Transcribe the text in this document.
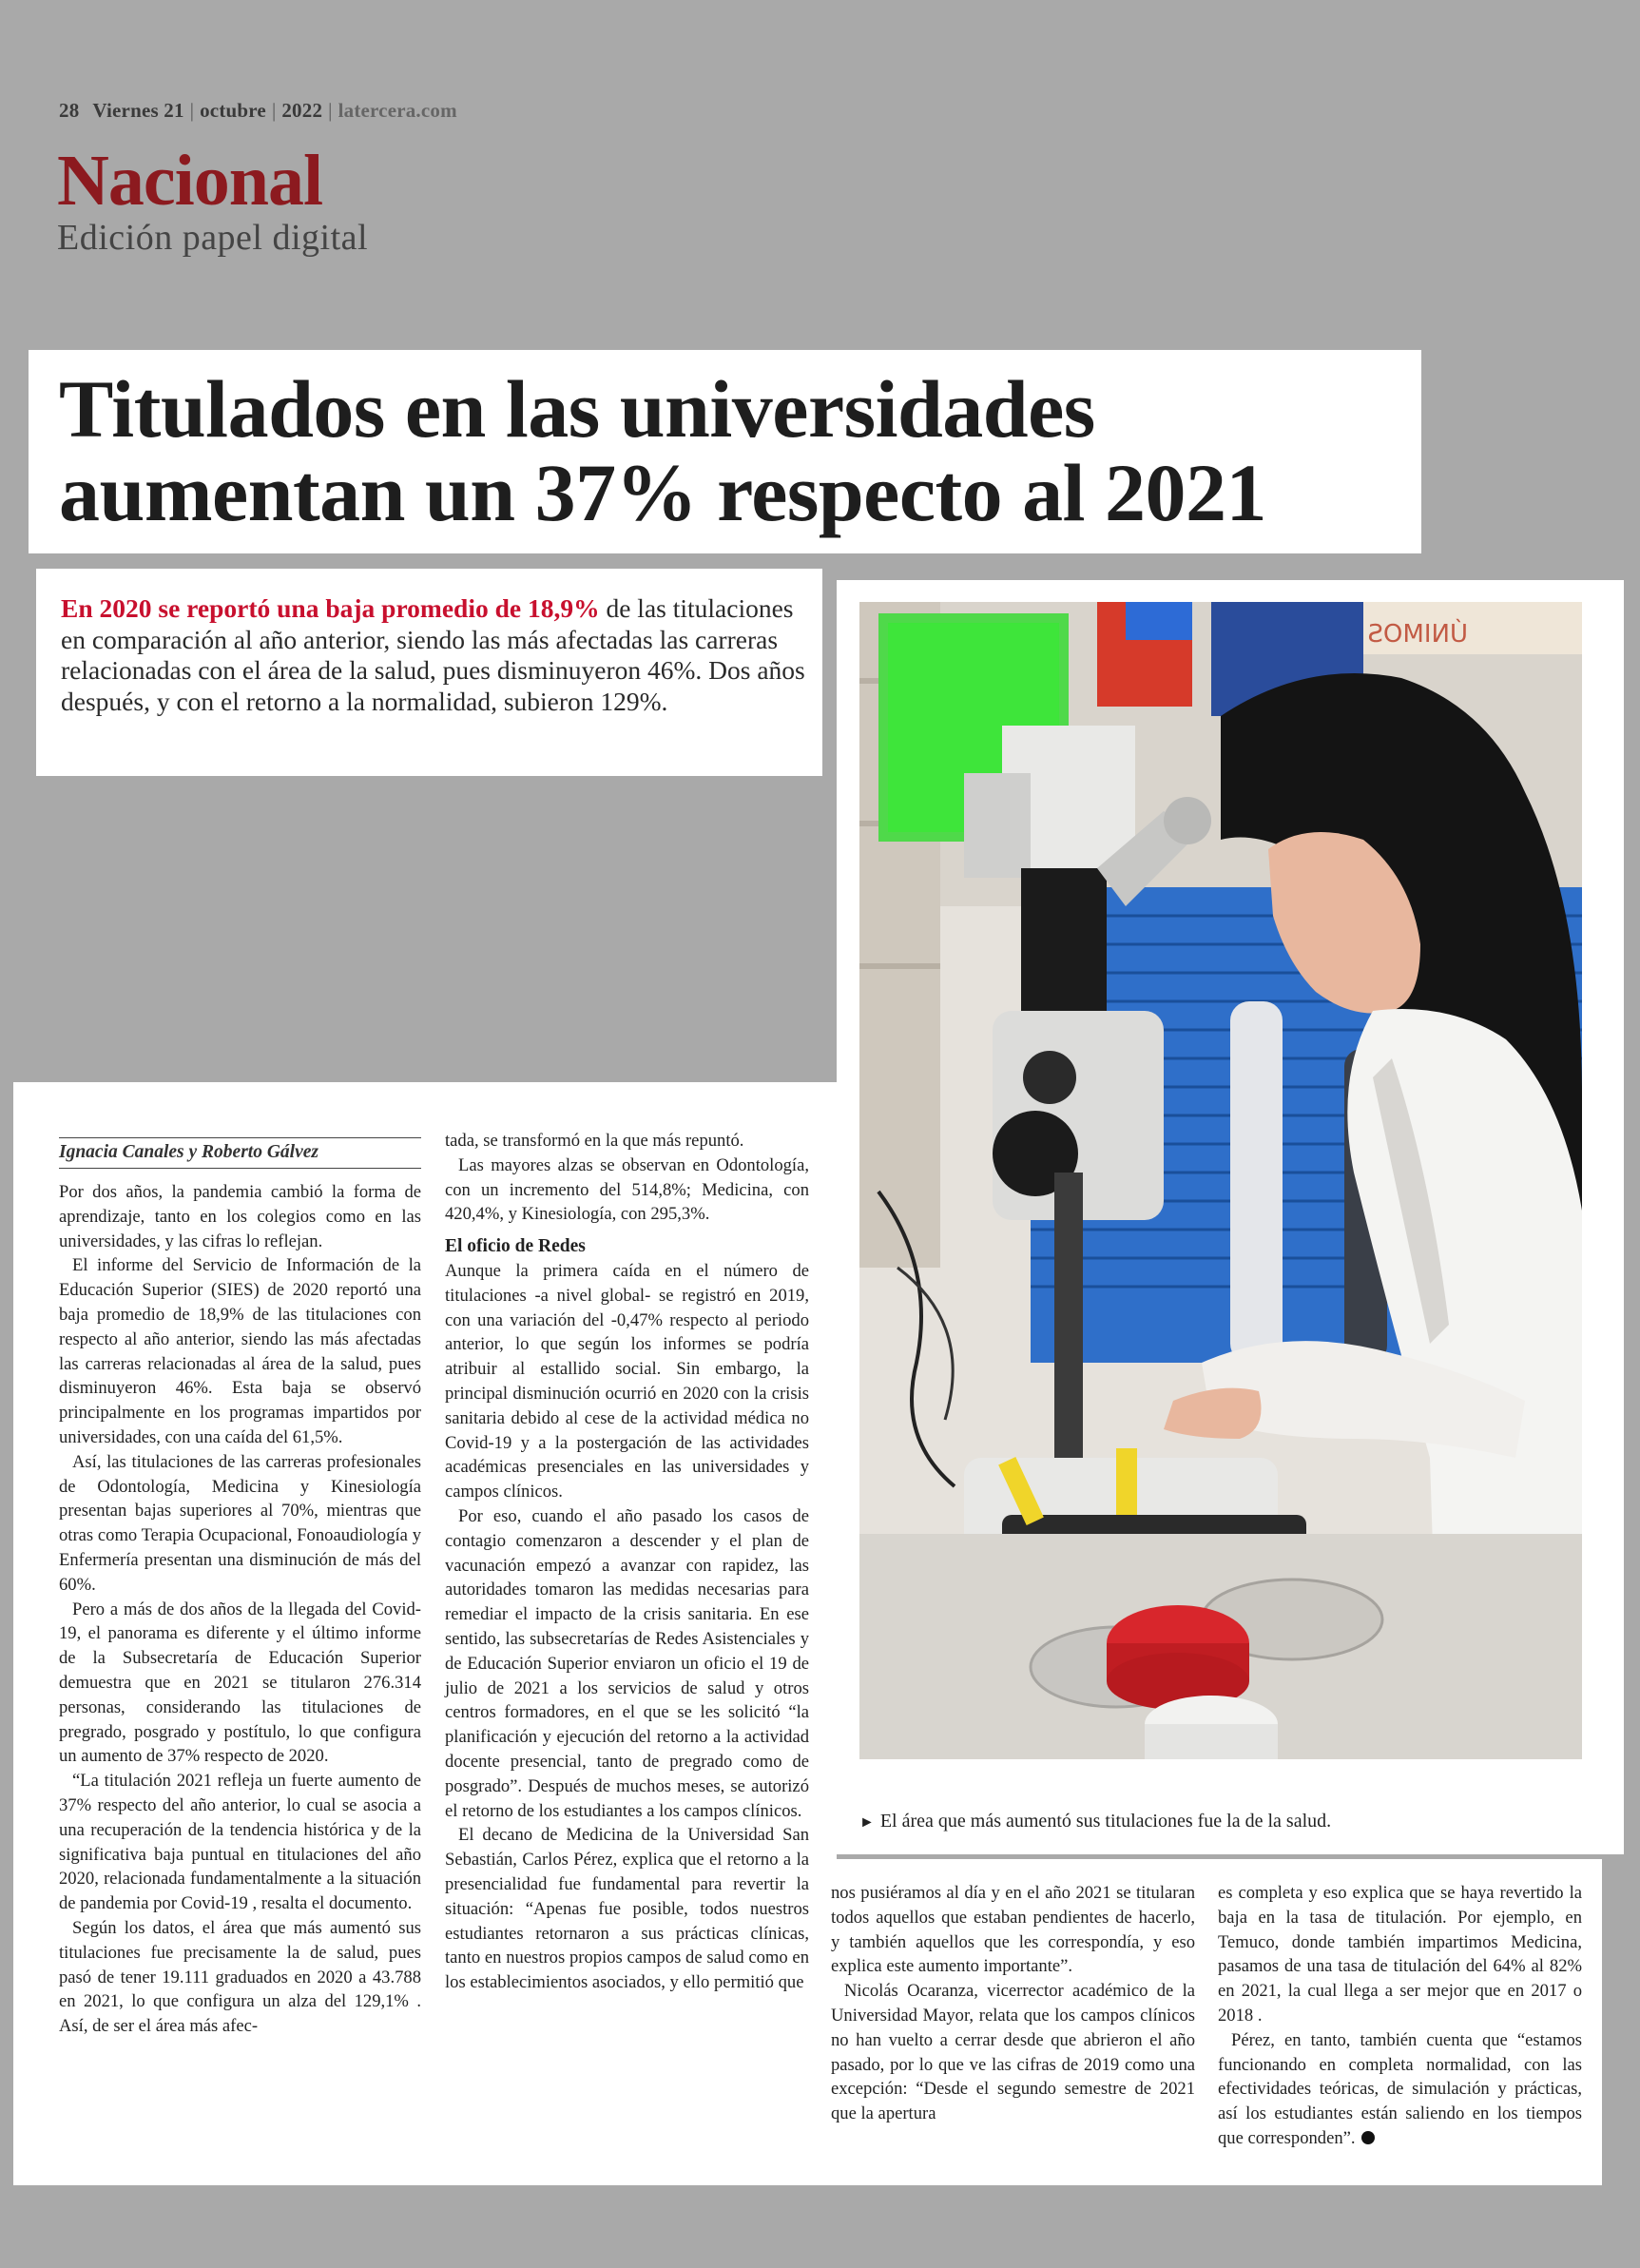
28 Viernes 21 | octubre | 2022 | latercera.com
Nacional
Edición papel digital
Titulados en las universidades
aumentan un 37% respecto al 2021
En 2020 se reportó una baja promedio de 18,9% de las titulaciones en comparación al año anterior, siendo las más afectadas las carreras relacionadas con el área de la salud, pues disminuyeron 46%. Dos años después, y con el retorno a la normalidad, subieron 129%.
ÚNIMOS
► El área que más aumentó sus titulaciones fue la de la salud.
Ignacia Canales y Roberto Gálvez

Por dos años, la pandemia cambió la forma de aprendizaje, tanto en los colegios como en las universidades, y las cifras lo reflejan.

El informe del Servicio de Información de la Educación Superior (SIES) de 2020 reportó una baja promedio de 18,9% de las titulaciones con respecto al año anterior, siendo las más afectadas las carreras relacionadas al área de la salud, pues disminuyeron 46%. Esta baja se observó principalmente en los programas impartidos por universidades, con una caída del 61,5%.

Así, las titulaciones de las carreras profesionales de Odontología, Medicina y Kinesiología presentan bajas superiores al 70%, mientras que otras como Terapia Ocupacional, Fonoaudiología y Enfermería presentan una disminución de más del 60%.

Pero a más de dos años de la llegada del Covid-19, el panorama es diferente y el último informe de la Subsecretaría de Educación Superior demuestra que en 2021 se titularon 276.314 personas, considerando las titulaciones de pregrado, posgrado y postítulo, lo que configura un aumento de 37% respecto de 2020.

“La titulación 2021 refleja un fuerte aumento de 37% respecto del año anterior, lo cual se asocia a una recuperación de la tendencia histórica y de la significativa baja puntual en titulaciones del año 2020, relacionada fundamentalmente a la situación de pandemia por Covid-19 , resalta el documento.

Según los datos, el área que más aumentó sus titulaciones fue precisamente la de salud, pues pasó de tener 19.111 graduados en 2020 a 43.788 en 2021, lo que configura un alza del 129,1% . Así, de ser el área más afec-

tada, se transformó en la que más repuntó.

Las mayores alzas se observan en Odontología, con un incremento del 514,8%; Medicina, con 420,4%, y Kinesiología, con 295,3%.

El oficio de Redes

Aunque la primera caída en el número de titulaciones -a nivel global- se registró en 2019, con una variación del -0,47% respecto al periodo anterior, lo que según los informes se podría atribuir al estallido social. Sin embargo, la principal disminución ocurrió en 2020 con la crisis sanitaria debido al cese de la actividad médica no Covid-19 y a la postergación de las actividades académicas presenciales en las universidades y campos clínicos.

Por eso, cuando el año pasado los casos de contagio comenzaron a descender y el plan de vacunación empezó a avanzar con rapidez, las autoridades tomaron las medidas necesarias para remediar el impacto de la crisis sanitaria. En ese sentido, las subsecretarías de Redes Asistenciales y de Educación Superior enviaron un oficio el 19 de julio de 2021 a los servicios de salud y otros centros formadores, en el que se les solicitó “la planificación y ejecución del retorno a la actividad docente presencial, tanto de pregrado como de posgrado”. Después de muchos meses, se autorizó el retorno de los estudiantes a los campos clínicos.

El decano de Medicina de la Universidad San Sebastián, Carlos Pérez, explica que el retorno a la presencialidad fue fundamental para revertir la situación: “Apenas fue posible, todos nuestros estudiantes retornaron a sus prácticas clínicas, tanto en nuestros propios campos de salud como en los establecimientos asociados, y ello permitió que

nos pusiéramos al día y en el año 2021 se titularan todos aquellos que estaban pendientes de hacerlo, y también aquellos que les correspondía, y eso explica este aumento importante”.

Nicolás Ocaranza, vicerrector académico de la Universidad Mayor, relata que los campos clínicos no han vuelto a cerrar desde que abrieron el año pasado, por lo que ve las cifras de 2019 como una excepción: “Desde el segundo semestre de 2021 que la apertura

es completa y eso explica que se haya revertido la baja en la tasa de titulación. Por ejemplo, en Temuco, donde también impartimos Medicina, pasamos de una tasa de titulación del 64% al 82% en 2021, la cual llega a ser mejor que en 2017 o 2018 .

Pérez, en tanto, también cuenta que “estamos funcionando en completa normalidad, con las efectividades teóricas, de simulación y prácticas, así los estudiantes están saliendo en los tiempos que corresponden”.
